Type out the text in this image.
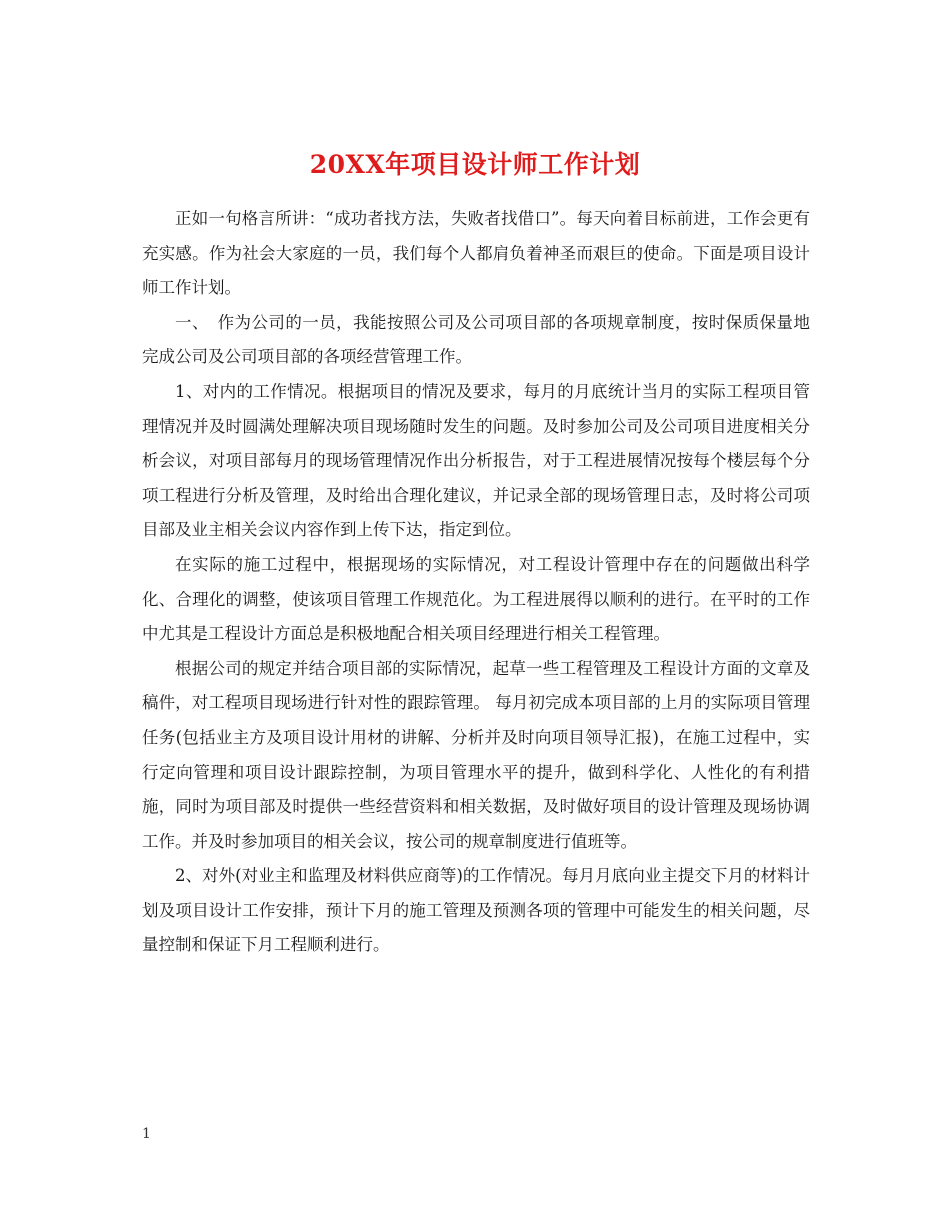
20XX年项目设计师工作计划

正如一句格言所讲：“成功者找方法，失败者找借口”。每天向着目标前进，工作会更有充实感。作为社会大家庭的一员，我们每个人都肩负着神圣而艰巨的使命。下面是项目设计师工作计划。

一、　作为公司的一员，我能按照公司及公司项目部的各项规章制度，按时保质保量地完成公司及公司项目部的各项经营管理工作。

1、对内的工作情况。根据项目的情况及要求，每月的月底统计当月的实际工程项目管理情况并及时圆满处理解决项目现场随时发生的问题。及时参加公司及公司项目进度相关分析会议，对项目部每月的现场管理情况作出分析报告，对于工程进展情况按每个楼层每个分项工程进行分析及管理，及时给出合理化建议，并记录全部的现场管理日志，及时将公司项目部及业主相关会议内容作到上传下达，指定到位。

在实际的施工过程中，根据现场的实际情况，对工程设计管理中存在的问题做出科学化、合理化的调整，使该项目管理工作规范化。为工程进展得以顺利的进行。在平时的工作中尤其是工程设计方面总是积极地配合相关项目经理进行相关工程管理。

根据公司的规定并结合项目部的实际情况，起草一些工程管理及工程设计方面的文章及稿件，对工程项目现场进行针对性的跟踪管理。 每月初完成本项目部的上月的实际项目管理任务(包括业主方及项目设计用材的讲解、分析并及时向项目领导汇报)，在施工过程中，实行定向管理和项目设计跟踪控制，为项目管理水平的提升，做到科学化、人性化的有利措施，同时为项目部及时提供一些经营资料和相关数据，及时做好项目的设计管理及现场协调工作。并及时参加项目的相关会议，按公司的规章制度进行值班等。

2、对外(对业主和监理及材料供应商等)的工作情况。每月月底向业主提交下月的材料计划及项目设计工作安排，预计下月的施工管理及预测各项的管理中可能发生的相关问题，尽量控制和保证下月工程顺利进行。

1
